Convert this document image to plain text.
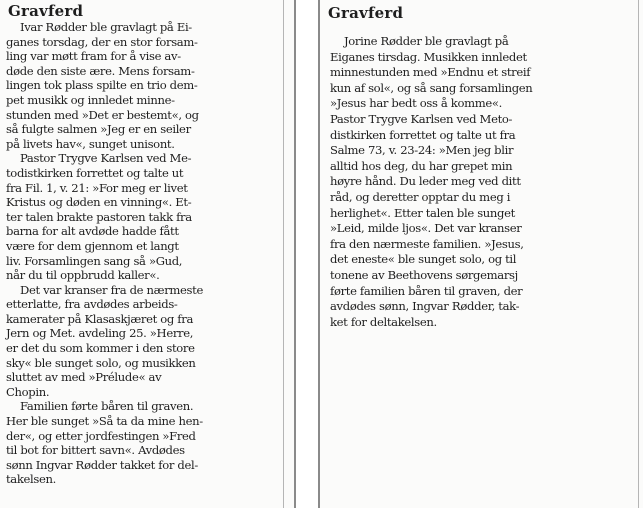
Gravferd
Ivar Rødder ble gravlagt på Ei-
ganes torsdag, der en stor forsam-
ling var møtt fram for å vise av-
døde den siste ære. Mens forsam-
lingen tok plass spilte en trio dem-
pet musikk og innledet minne-
stunden med »Det er bestemt«, og
så fulgte salmen »Jeg er en seiler
på livets hav«, sunget unisont.
Pastor Trygve Karlsen ved Me-
todistkirken forrettet og talte ut
fra Fil. 1, v. 21: »For meg er livet
Kristus og døden en vinning«. Et-
ter talen brakte pastoren takk fra
barna for alt avdøde hadde fått
være for dem gjennom et langt
liv. Forsamlingen sang så »Gud,
når du til oppbrudd kaller«.
Det var kranser fra de nærmeste
etterlatte, fra avdødes arbeids-
kamerater på Klasaskjæret og fra
Jern og Met. avdeling 25. »Herre,
er det du som kommer i den store
sky« ble sunget solo, og musikken
sluttet av med »Prélude« av
Chopin.
Familien førte båren til graven.
Her ble sunget »Så ta da mine hen-
der«, og etter jordfestingen »Fred
til bot for bittert savn«. Avdødes
sønn Ingvar Rødder takket for del-
takelsen.
Gravferd
Jorine Rødder ble gravlagt på
Eiganes tirsdag. Musikken innledet
minnestunden med »Endnu et streif
kun af sol«, og så sang forsamlingen
»Jesus har bedt oss å komme«.
Pastor Trygve Karlsen ved Meto-
distkirken forrettet og talte ut fra
Salme 73, v. 23-24: »Men jeg blir
alltid hos deg, du har grepet min
høyre hånd. Du leder meg ved ditt
råd, og deretter opptar du meg i
herlighet«. Etter talen ble sunget
»Leid, milde ljos«. Det var kranser
fra den nærmeste familien. »Jesus,
det eneste« ble sunget solo, og til
tonene av Beethovens sørgemarsj
førte familien båren til graven, der
avdødes sønn, Ingvar Rødder, tak-
ket for deltakelsen.
